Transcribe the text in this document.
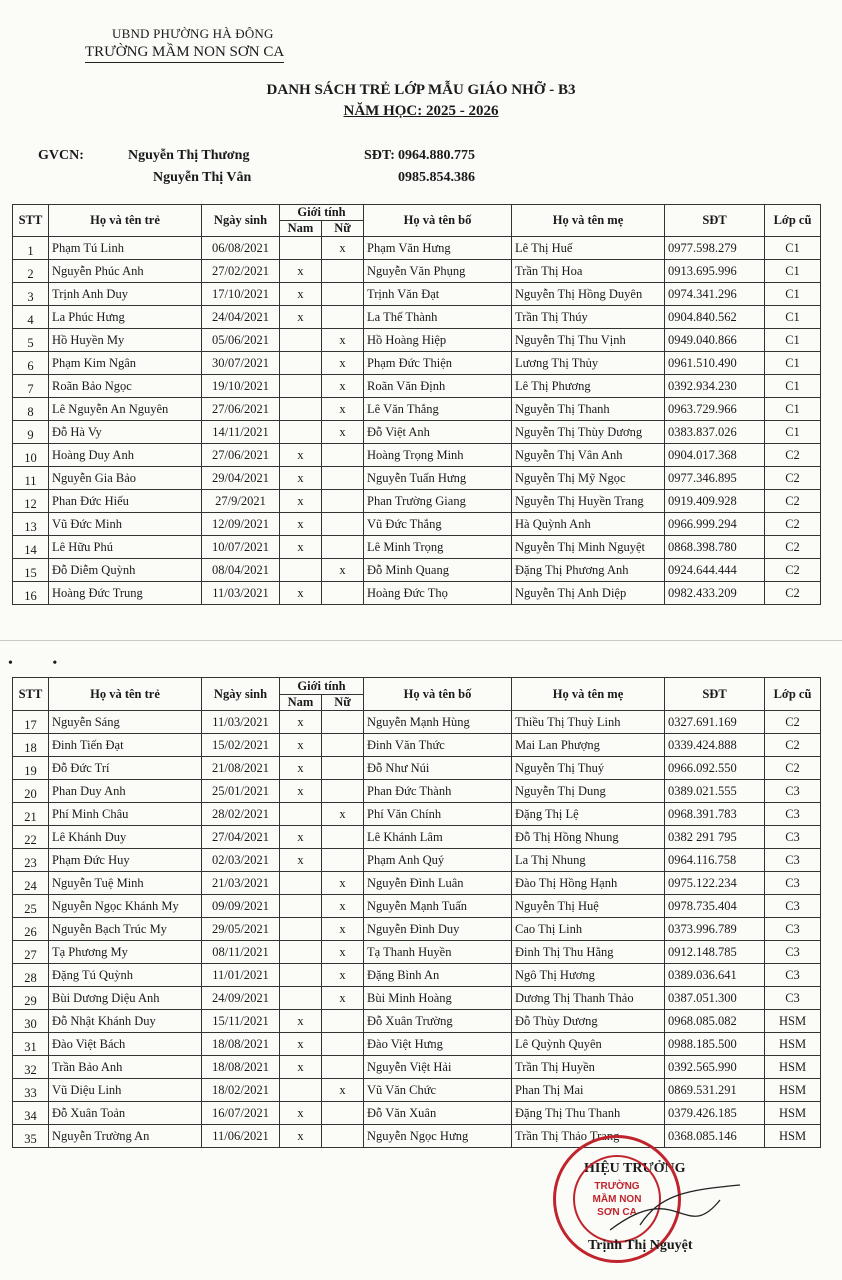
UBND PHƯỜNG HÀ ĐÔNG
TRƯỜNG MẦM NON SƠN CA
DANH SÁCH TRẺ LỚP MẪU GIÁO NHỠ - B3
NĂM HỌC: 2025 - 2026
GVCN:	Nguyễn Thị Thương
Nguyễn Thị Vân
SĐT: 0964.880.775
0985.854.386
STT	Họ và tên trẻ	Ngày sinh	Giới tính		Họ và tên bố	Họ và tên mẹ	SĐT	Lớp cũ
			Nam	Nữ				
1	Phạm Tú Linh	06/08/2021		x	Phạm Văn Hưng	Lê Thị Huế	0977.598.279	C1
2	Nguyễn Phúc Anh	27/02/2021	x		Nguyễn Văn Phụng	Trần Thị Hoa	0913.695.996	C1
3	Trịnh Anh Duy	17/10/2021	x		Trịnh Văn Đạt	Nguyễn Thị Hồng Duyên	0974.341.296	C1
4	La Phúc Hưng	24/04/2021	x		La Thế Thành	Trần Thị Thúy	0904.840.562	C1
5	Hồ Huyền My	05/06/2021		x	Hồ Hoàng Hiệp	Nguyễn Thị Thu Vịnh	0949.040.866	C1
6	Phạm Kim Ngân	30/07/2021		x	Phạm Đức Thiện	Lương Thị Thủy	0961.510.490	C1
7	Roãn Bảo Ngọc	19/10/2021		x	Roãn Văn Định	Lê Thị Phương	0392.934.230	C1
8	Lê Nguyễn An Nguyên	27/06/2021		x	Lê Văn Thắng	Nguyễn Thị Thanh	0963.729.966	C1
9	Đỗ Hà Vy	14/11/2021		x	Đỗ Việt Anh	Nguyễn Thị Thùy Dương	0383.837.026	C1
10	Hoàng Duy Anh	27/06/2021	x		Hoàng Trọng Minh	Nguyễn Thị Vân Anh	0904.017.368	C2
11	Nguyễn Gia Bảo	29/04/2021	x		Nguyễn Tuấn Hưng	Nguyễn Thị Mỹ Ngọc	0977.346.895	C2
12	Phan Đức Hiếu	27/9/2021	x		Phan Trường Giang	Nguyễn Thị Huyền Trang	0919.409.928	C2
13	Vũ Đức Minh	12/09/2021	x		Vũ Đức Thắng	Hà Quỳnh Anh	0966.999.294	C2
14	Lê Hữu Phú	10/07/2021	x		Lê Minh Trọng	Nguyễn Thị Minh Nguyệt	0868.398.780	C2
15	Đỗ Diễm Quỳnh	08/04/2021		x	Đỗ Minh Quang	Đặng Thị Phương Anh	0924.644.444	C2
16	Hoàng Đức Trung	11/03/2021	x		Hoàng Đức Thọ	Nguyễn Thị Anh Diệp	0982.433.209	C2
• •
STT	Họ và tên trẻ	Ngày sinh	Giới tính		Họ và tên bố	Họ và tên mẹ	SĐT	Lớp cũ
			Nam	Nữ				
17	Nguyễn Sáng	11/03/2021	x		Nguyễn Mạnh Hùng	Thiều Thị Thuỳ Linh	0327.691.169	C2
18	Đinh Tiến Đạt	15/02/2021	x		Đinh Văn Thức	Mai Lan Phượng	0339.424.888	C2
19	Đỗ Đức Trí	21/08/2021	x		Đỗ Như Núi	Nguyễn Thị Thuý	0966.092.550	C2
20	Phan Duy Anh	25/01/2021	x		Phan Đức Thành	Nguyễn Thị Dung	0389.021.555	C3
21	Phí Minh Châu	28/02/2021		x	Phí Văn Chính	Đặng Thị Lệ	0968.391.783	C3
22	Lê Khánh Duy	27/04/2021	x		Lê Khánh Lâm	Đỗ Thị Hồng Nhung	0382 291 795	C3
23	Phạm Đức Huy	02/03/2021	x		Phạm Anh Quý	La Thị Nhung	0964.116.758	C3
24	Nguyễn Tuệ Minh	21/03/2021		x	Nguyễn Đình Luân	Đào Thị Hồng Hạnh	0975.122.234	C3
25	Nguyễn Ngọc Khánh My	09/09/2021		x	Nguyễn Mạnh Tuấn	Nguyễn Thị Huệ	0978.735.404	C3
26	Nguyễn Bạch Trúc My	29/05/2021		x	Nguyễn Đình Duy	Cao Thị Linh	0373.996.789	C3
27	Tạ Phương My	08/11/2021		x	Tạ Thanh Huyền	Đinh Thị Thu Hằng	0912.148.785	C3
28	Đặng Tú Quỳnh	11/01/2021		x	Đặng Bình An	Ngô Thị Hương	0389.036.641	C3
29	Bùi Dương Diệu Anh	24/09/2021		x	Bùi Minh Hoàng	Dương Thị Thanh Thảo	0387.051.300	C3
30	Đỗ Nhật Khánh Duy	15/11/2021	x		Đỗ Xuân Trường	Đỗ Thùy Dương	0968.085.082	HSM
31	Đào Việt Bách	18/08/2021	x		Đào Việt Hưng	Lê Quỳnh Quyên	0988.185.500	HSM
32	Trần Bảo Anh	18/08/2021	x		Nguyễn Việt Hải	Trần Thị Huyền	0392.565.990	HSM
33	Vũ Diệu Linh	18/02/2021		x	Vũ Văn Chức	Phan Thị Mai	0869.531.291	HSM
34	Đỗ Xuân Toản	16/07/2021	x		Đỗ Văn Xuân	Đặng Thị Thu Thanh	0379.426.185	HSM
35	Nguyễn Trường An	11/06/2021	x		Nguyễn Ngọc Hưng	Trần Thị Thảo Trang	0368.085.146	HSM
HIỆU TRƯỞNG
TRƯỜNG
MẦM NON
SƠN CA
Trịnh Thị Nguyệt
